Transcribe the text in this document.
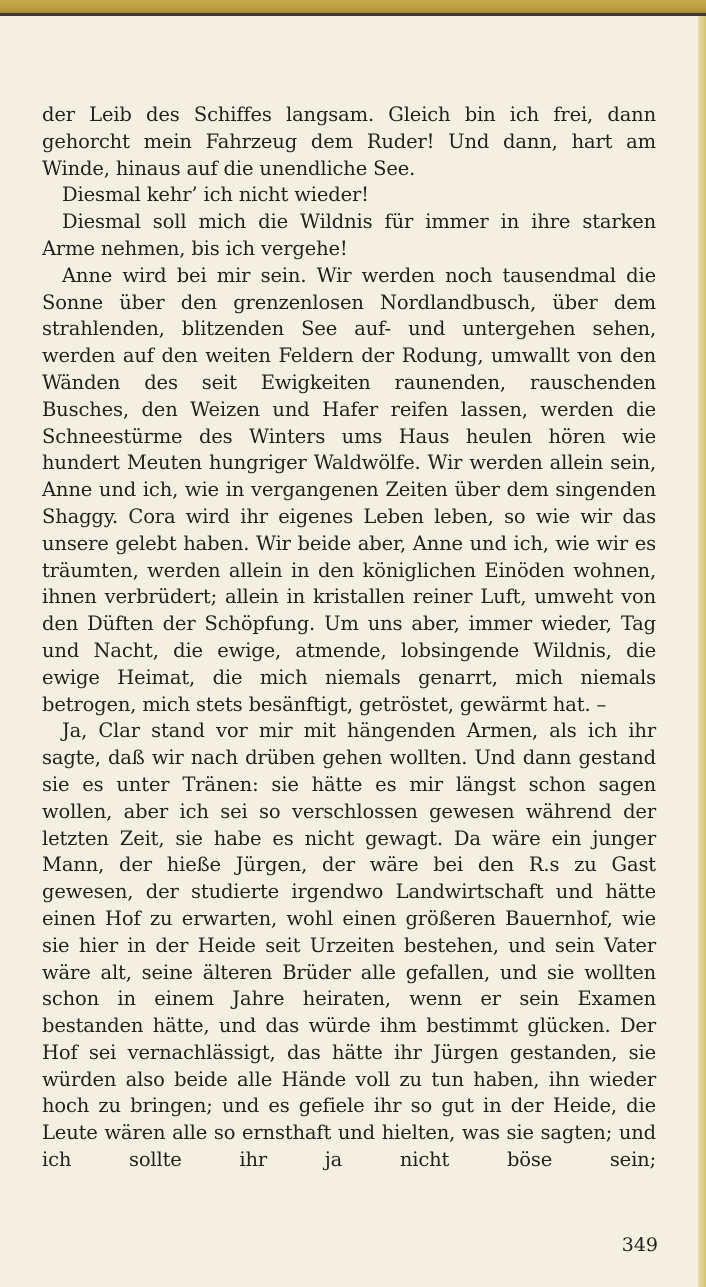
der Leib des Schiffes langsam. Gleich bin ich frei, dann gehorcht mein Fahrzeug dem Ruder! Und dann, hart am Winde, hinaus auf die unendliche See.

Diesmal kehr’ ich nicht wieder!

Diesmal soll mich die Wildnis für immer in ihre starken Arme nehmen, bis ich vergehe!

Anne wird bei mir sein. Wir werden noch tausendmal die Sonne über den grenzenlosen Nordlandbusch, über dem strahlenden, blitzenden See auf- und untergehen sehen, werden auf den weiten Feldern der Rodung, umwallt von den Wänden des seit Ewigkeiten raunenden, rauschenden Busches, den Weizen und Hafer reifen lassen, werden die Schneestürme des Winters ums Haus heulen hören wie hundert Meuten hungriger Waldwölfe. Wir werden allein sein, Anne und ich, wie in vergangenen Zeiten über dem singenden Shaggy. Cora wird ihr eigenes Leben leben, so wie wir das unsere gelebt haben. Wir beide aber, Anne und ich, wie wir es träumten, werden allein in den königlichen Einöden wohnen, ihnen verbrüdert; allein in kristallen reiner Luft, umweht von den Düften der Schöpfung. Um uns aber, immer wieder, Tag und Nacht, die ewige, atmende, lobsingende Wildnis, die ewige Heimat, die mich niemals genarrt, mich niemals betrogen, mich stets besänftigt, getröstet, gewärmt hat. –

Ja, Clar stand vor mir mit hängenden Armen, als ich ihr sagte, daß wir nach drüben gehen wollten. Und dann gestand sie es unter Tränen: sie hätte es mir längst schon sagen wollen, aber ich sei so verschlossen gewesen während der letzten Zeit, sie habe es nicht gewagt. Da wäre ein junger Mann, der hieße Jürgen, der wäre bei den R.s zu Gast gewesen, der studierte irgendwo Landwirtschaft und hätte einen Hof zu erwarten, wohl einen größeren Bauernhof, wie sie hier in der Heide seit Urzeiten bestehen, und sein Vater wäre alt, seine älteren Brüder alle gefallen, und sie wollten schon in einem Jahre heiraten, wenn er sein Examen bestanden hätte, und das würde ihm bestimmt glücken. Der Hof sei vernachlässigt, das hätte ihr Jürgen gestanden, sie würden also beide alle Hände voll zu tun haben, ihn wieder hoch zu bringen; und es gefiele ihr so gut in der Heide, die Leute wären alle so ernsthaft und hielten, was sie sagten; und ich sollte ihr ja nicht böse sein;

349
